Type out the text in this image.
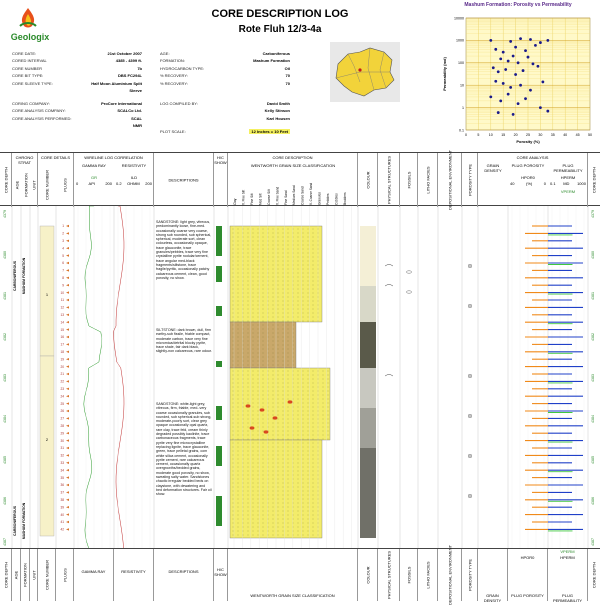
Geologix
CORE DESCRIPTION LOG
Rote Fluh 12/3-4a
CORE DATE:	21st October 2007
CORED INTERVAL	4385 - 4399 ft.
CORE NUMBER	7b
CORE BIT TYPE:	DBS FC294L
CORE SLEEVE TYPE:	Half Moon Aluminium Split Sleeve
CORING COMPANY:	ProCore International
CORE ANALYSIS COMPANY:	SCALCo Ltd.
CORE ANALYSIS PERFORMED:	SCAL
NMR
AGE:	Carboniferous
FORMATION:	Mashum Formation
HYDROCARBON TYPE:	Oil
% RECOVERY:	70
% RECOVERY:	70
LOG COMPILED BY:	David Smith
Kelly Stinson
Karl Housen
PLOT SCALE:	12 Inches = 10 Feet
Mashum Formation: Porosity vs Permeability
0	5	10 15 20 25 30 35 40 45 50
10000
1000
100
10
1
0.1
Porosity (%)
Permeability (md)
CORE DEPTH
CHRONO STRAT
AGE FORMATION UNIT
CORE DETAILS
CORE NUMBER	PLUGS
WIRELINE LOG CORRELATION
GAMMA RAY	RESISTIVITY
GR
0	API	200
ILD
0.2 OHMM 200
DESCRIPTIONS
H/C SHOW
CORE DESCRIPTION
WENTWORTH GRAIN SIZE CLASSIFICATION
Clay V. Fine Silt Fine Silt Med Silt Coarse Silt V. Fine Sand Fine Sand Medium Sand Coarse Sand V. Coarse Sand Granules Pebbles Cobbles Boulders
COLOUR	PHYSICAL STRUCTURES	FOSSILS	LITHO FACIES	DEPOSITIONAL ENVIRONMENT	POROSITY TYPE
CORE ANALYSIS
GRAIN DENSITY
PLUG POROSITY	PLUG PERMEABILITY
HPOR0
40	(%)	0
HPERM
0.1 MD 1000
VPERM	CORE DEPTH
4379	4379
4380	4380
4381	4381
4382	4382
4383	4383
4384	4384
4385	4385
4386	4386
4387	4387
CARBONIFEROUS MASHUM FORMATION
CARBONIFEROUS MASHUM FORMATION
1
2
1
2
3
4
5
6
7
8
9
10
11
12
13
14
15
16
17
18
19
20
21
22
23
24
25
26
27
28
29
30
31
32
33
34
35
36
37
38
39
40
41
42
SANDSTONE: light grey, vitreous, predominantly loose, fine-med. occasionally coarse very coarse, strong sub rounded, sub spherical, spherical, moderate sort, clean colourless, occasionally opaque, trace glauconite, trace granules/pebbles, trace very fine crystalline pyrite nodular/cement, trace angular med-black fragments/siltstone, trace fragile/pyritic, occasionally patchy calcareous cement, clean, good porosity, no show.
SILTSTONE: dark brown, dull, firm earthy-sub fissile, friable compact, moderate carbon, trace very fine micromica/detrital blocky pyrite, trace shale, fair dark black, slightly-non calcareous, rare odour.
SANDSTONE: white-light grey, vitreous, firm, friable, med.-very coarse occasionally granules, sub rounded, sub spherical-sub strong, moderate-poorly sort, clear grey opaque occasionally opal quartz, rare clay, trace feld, cream thinly degraded possibly kaolinite, trace carbonaceous fragments, trace pyrite very fine microcrystalline replacing lignite, trace glauconite, green, trace pelletal grains, com white silica cement, occasionally pyrite cement, rare calcareous cement, occasionally quartz overgrowths/bedded grains, moderate good porosity, no show, sweating salty water. Sandstones chaotic irregular bedded beds on claystone, with dewatering and bed deformation structures. Fair oil show.
CORE DEPTH AGE FORMATION UNIT CORE NUMBER	PLUGS	GAMMA RAY	RESISTIVITY	DESCRIPTIONS	H/C SHOW
WENTWORTH GRAIN SIZE CLASSIFICATION
COLOUR	PHYSICAL STRUCTURES	FOSSILS	LITHO FACIES	DEPOSITIONAL ENVIRONMENT	POROSITY TYPE
GRAIN DENSITY
HPOR0
PLUG POROSITY
VPERM
HPERM
PLUG PERMEABILITY
CORE DEPTH
